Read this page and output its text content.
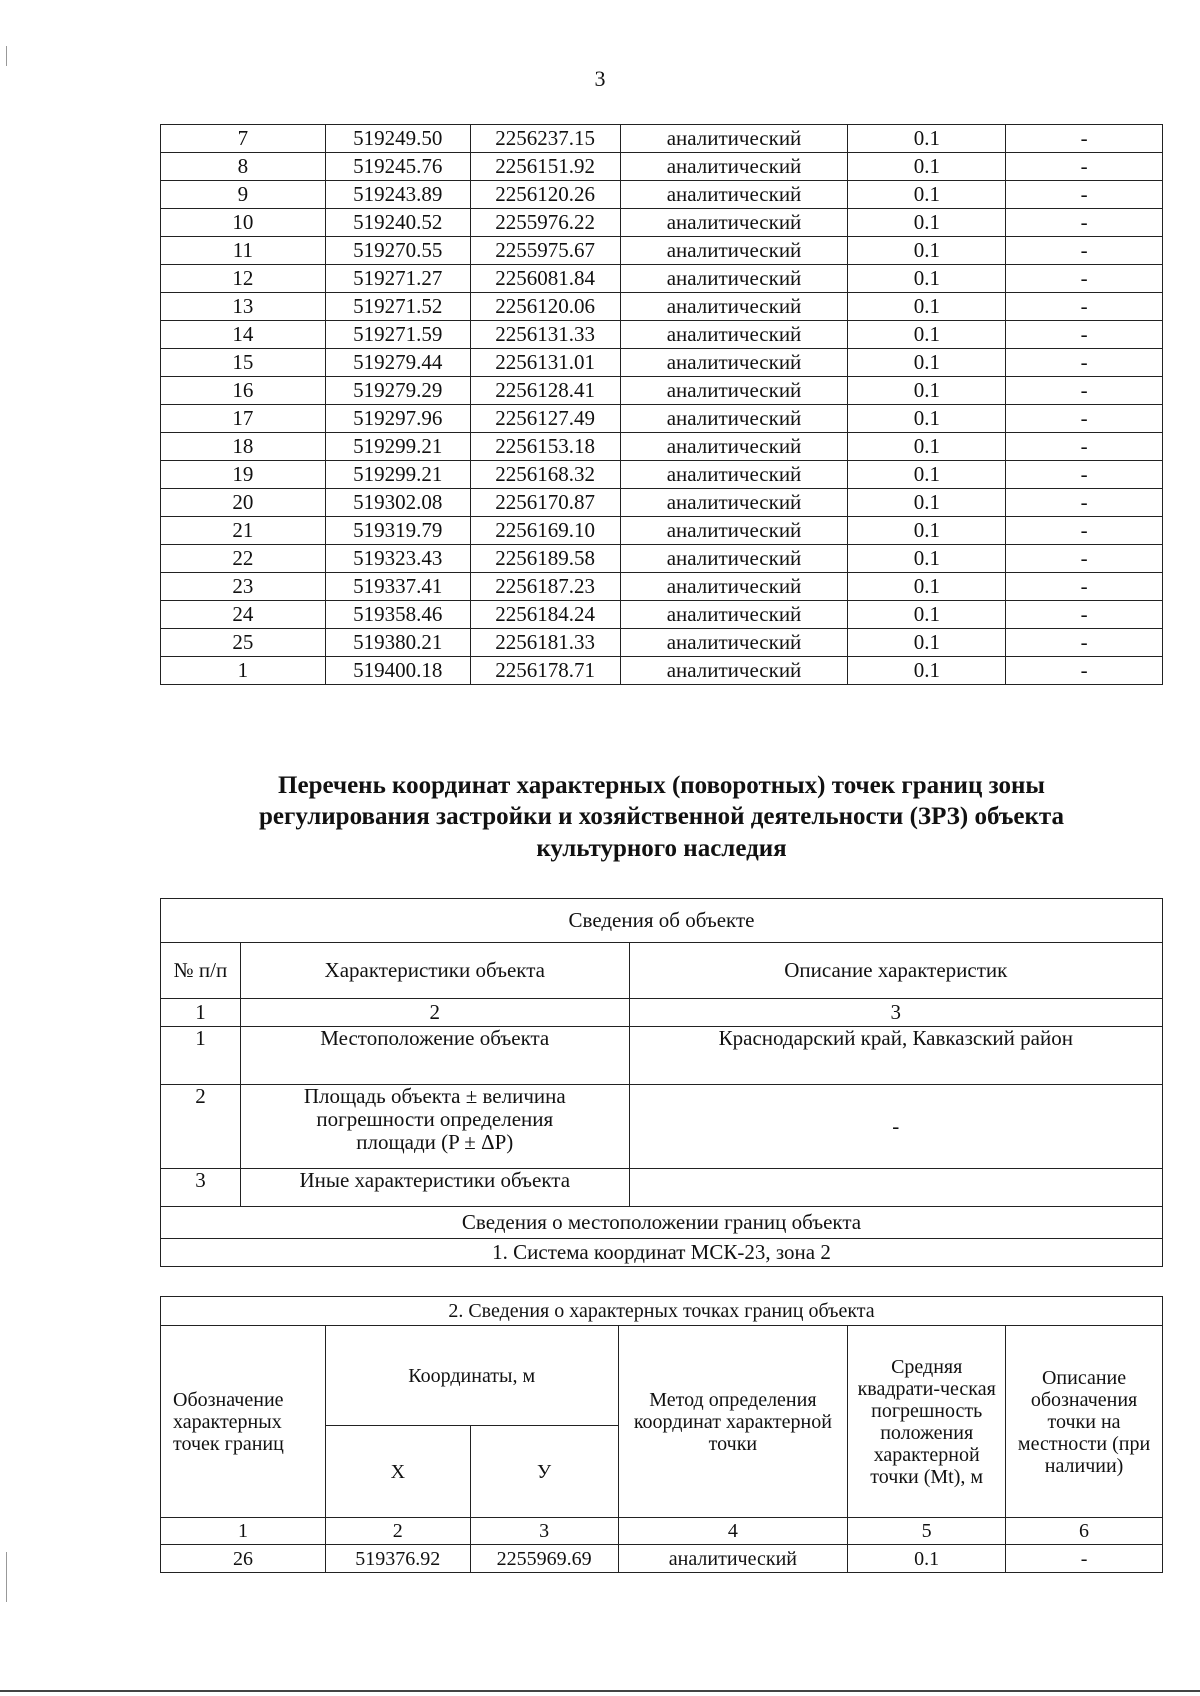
3
7	519249.50	2256237.15	аналитический	0.1	-
8	519245.76	2256151.92	аналитический	0.1	-
9	519243.89	2256120.26	аналитический	0.1	-
10	519240.52	2255976.22	аналитический	0.1	-
11	519270.55	2255975.67	аналитический	0.1	-
12	519271.27	2256081.84	аналитический	0.1	-
13	519271.52	2256120.06	аналитический	0.1	-
14	519271.59	2256131.33	аналитический	0.1	-
15	519279.44	2256131.01	аналитический	0.1	-
16	519279.29	2256128.41	аналитический	0.1	-
17	519297.96	2256127.49	аналитический	0.1	-
18	519299.21	2256153.18	аналитический	0.1	-
19	519299.21	2256168.32	аналитический	0.1	-
20	519302.08	2256170.87	аналитический	0.1	-
21	519319.79	2256169.10	аналитический	0.1	-
22	519323.43	2256189.58	аналитический	0.1	-
23	519337.41	2256187.23	аналитический	0.1	-
24	519358.46	2256184.24	аналитический	0.1	-
25	519380.21	2256181.33	аналитический	0.1	-
1	519400.18	2256178.71	аналитический	0.1	-
Перечень координат характерных (поворотных) точек границ зоны
регулирования застройки и хозяйственной деятельности (ЗРЗ) объекта
культурного наследия
Сведения об объекте		
№ п/п	Характеристики объекта	Описание характеристик
1	2	3
1	Местоположение объекта	Краснодарский край, Кавказский район
2	Площадь объекта ± величина погрешности определения площади (P ± ΔP)	-
3	Иные характеристики объекта	
Сведения о местоположении границ объекта		
1. Система координат МСК-23, зона 2		
2. Сведения о характерных точках границ объекта					
Обозначение характерных точек границ	Координаты, м		Метод определения координат характерной точки	Средняя квадрати-ческая погрешность положения характерной точки (Mt), м	Описание обозначения точки на местности (при наличии)
	X	У			
1	2	3	4	5	6
26	519376.92	2255969.69	аналитический	0.1	-
